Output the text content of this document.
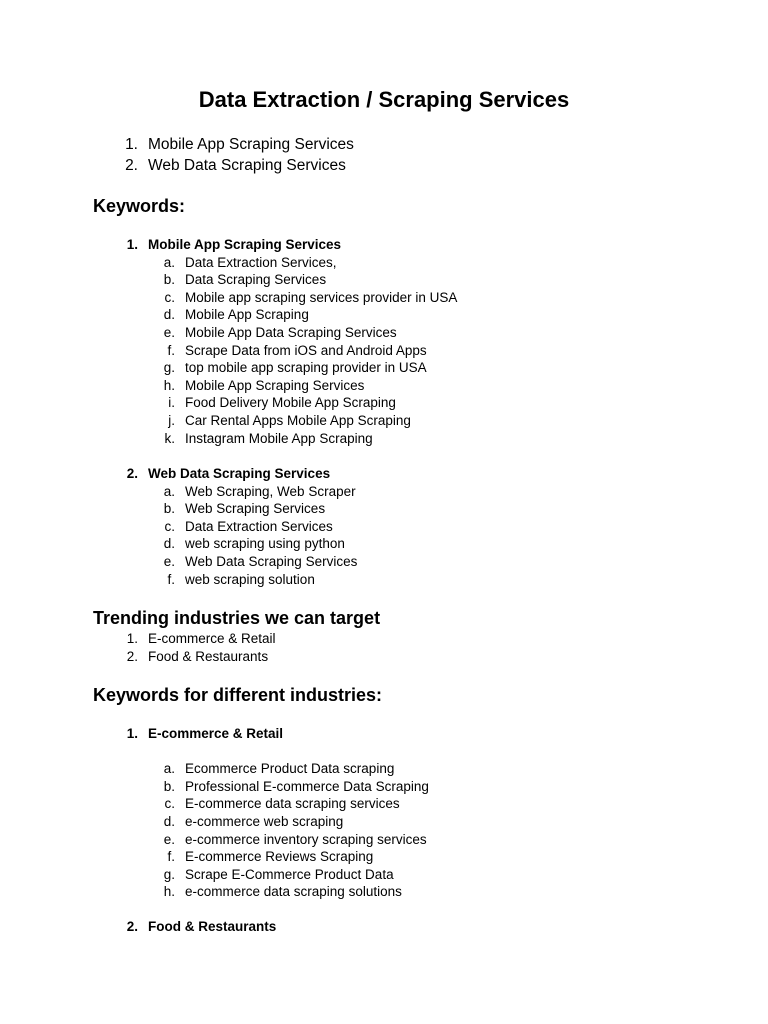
Data Extraction / Scraping Services
1. Mobile App Scraping Services
2. Web Data Scraping Services
Keywords:
1. Mobile App Scraping Services
a. Data Extraction Services,
b. Data Scraping Services
c. Mobile app scraping services provider in USA
d. Mobile App Scraping
e. Mobile App Data Scraping Services
f. Scrape Data from iOS and Android Apps
g. top mobile app scraping provider in USA
h. Mobile App Scraping Services
i. Food Delivery Mobile App Scraping
j. Car Rental Apps Mobile App Scraping
k. Instagram Mobile App Scraping
2. Web Data Scraping Services
a. Web Scraping, Web Scraper
b. Web Scraping Services
c. Data Extraction Services
d. web scraping using python
e. Web Data Scraping Services
f. web scraping solution
Trending industries we can target
1. E-commerce & Retail
2. Food & Restaurants
Keywords for different industries:
1. E-commerce & Retail
a. Ecommerce Product Data scraping
b. Professional E-commerce Data Scraping
c. E-commerce data scraping services
d. e-commerce web scraping
e. e-commerce inventory scraping services
f. E-commerce Reviews Scraping
g. Scrape E-Commerce Product Data
h. e-commerce data scraping solutions
2. Food & Restaurants
